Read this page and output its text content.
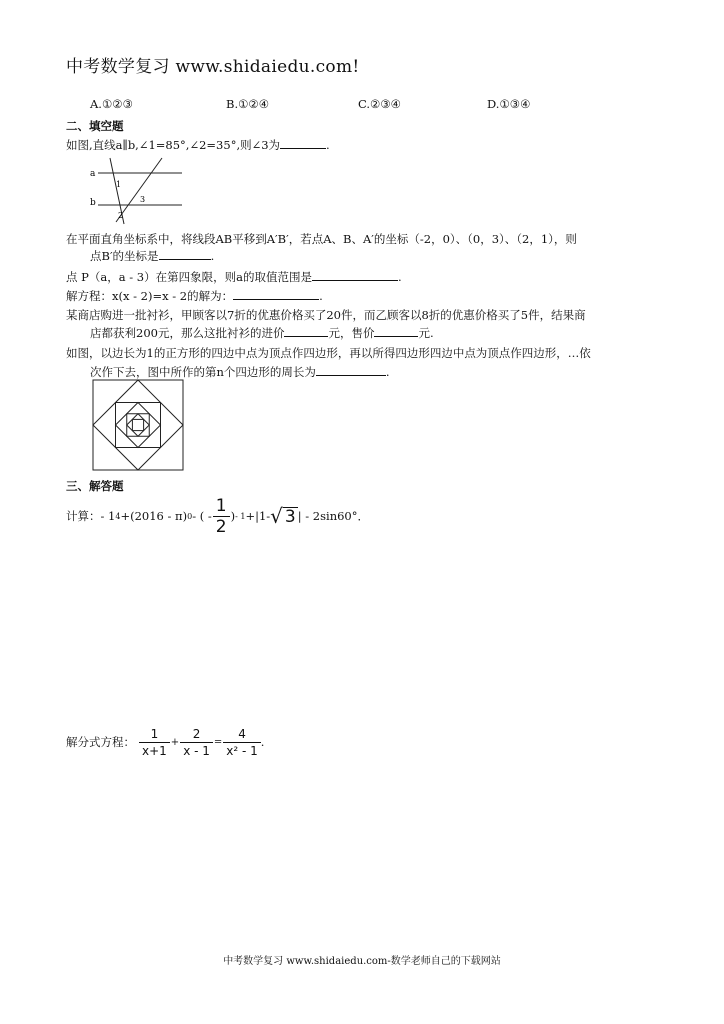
中考数学复习 www.shidaiedu.com!
A.①②③	B.①②④	C.②③④	D.①③④
二、填空题
如图,直线a∥b,∠1=85°,∠2=35°,则∠3为	.
a
b
1
2
3
在平面直角坐标系中，将线段AB平移到A′B′，若点A、B、A′的坐标（-2，0）、（0，3）、（2，1），则
点B′的坐标是	.
点 P（a，a - 3）在第四象限，则a的取值范围是	.
解方程：x(x - 2)=x - 2的解为：	.
某商店购进一批衬衫，甲顾客以7折的优惠价格买了20件，而乙顾客以8折的优惠价格买了5件，结果商
店都获利200元，那么这批衬衫的进价	元，售价	元.
如图，以边长为1的正方形的四边中点为顶点作四边形，再以所得四边形四边中点为顶点作四边形，…依
次作下去，图中所作的第n个四边形的周长为	.
三、解答题
计算： - 1 4 +(2016 - π) 0 - ( - $\frac{1}{2}$ ) - 1 +|1- √ 3 | - 2sin60°．
解分式方程： $\frac{1}{x+1} + \frac{2}{x - 1} = \frac{4}{\text{x² - 1}}$ .
中考数学复习 www.shidaiedu.com-数学老师自己的下载网站
